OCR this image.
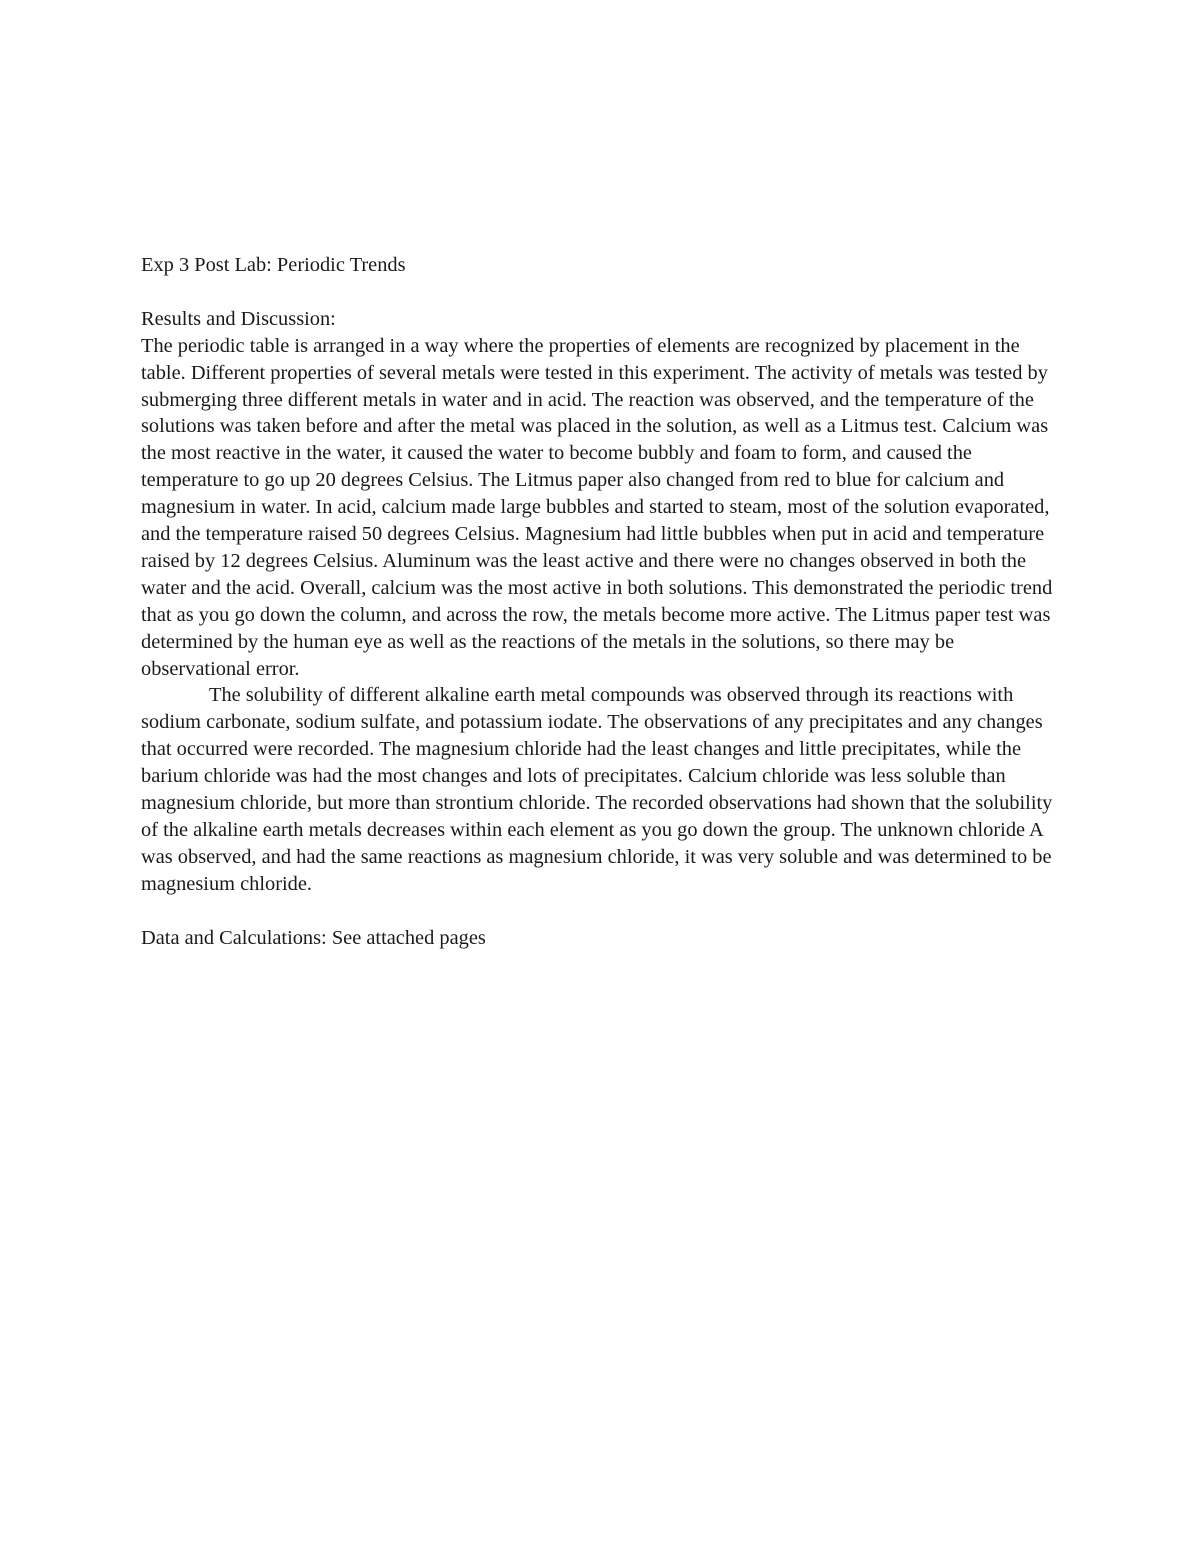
Exp 3 Post Lab: Periodic Trends

Results and Discussion:

The periodic table is arranged in a way where the properties of elements are recognized by placement in the table. Different properties of several metals were tested in this experiment. The activity of metals was tested by submerging three different metals in water and in acid. The reaction was observed, and the temperature of the solutions was taken before and after the metal was placed in the solution, as well as a Litmus test. Calcium was the most reactive in the water, it caused the water to become bubbly and foam to form, and caused the temperature to go up 20 degrees Celsius. The Litmus paper also changed from red to blue for calcium and magnesium in water. In acid, calcium made large bubbles and started to steam, most of the solution evaporated, and the temperature raised 50 degrees Celsius. Magnesium had little bubbles when put in acid and temperature raised by 12 degrees Celsius. Aluminum was the least active and there were no changes observed in both the water and the acid. Overall, calcium was the most active in both solutions. This demonstrated the periodic trend that as you go down the column, and across the row, the metals become more active. The Litmus paper test was determined by the human eye as well as the reactions of the metals in the solutions, so there may be observational error.

The solubility of different alkaline earth metal compounds was observed through its reactions with sodium carbonate, sodium sulfate, and potassium iodate. The observations of any precipitates and any changes that occurred were recorded. The magnesium chloride had the least changes and little precipitates, while the barium chloride was had the most changes and lots of precipitates. Calcium chloride was less soluble than magnesium chloride, but more than strontium chloride. The recorded observations had shown that the solubility of the alkaline earth metals decreases within each element as you go down the group. The unknown chloride A was observed, and had the same reactions as magnesium chloride, it was very soluble and was determined to be magnesium chloride.

Data and Calculations: See attached pages
